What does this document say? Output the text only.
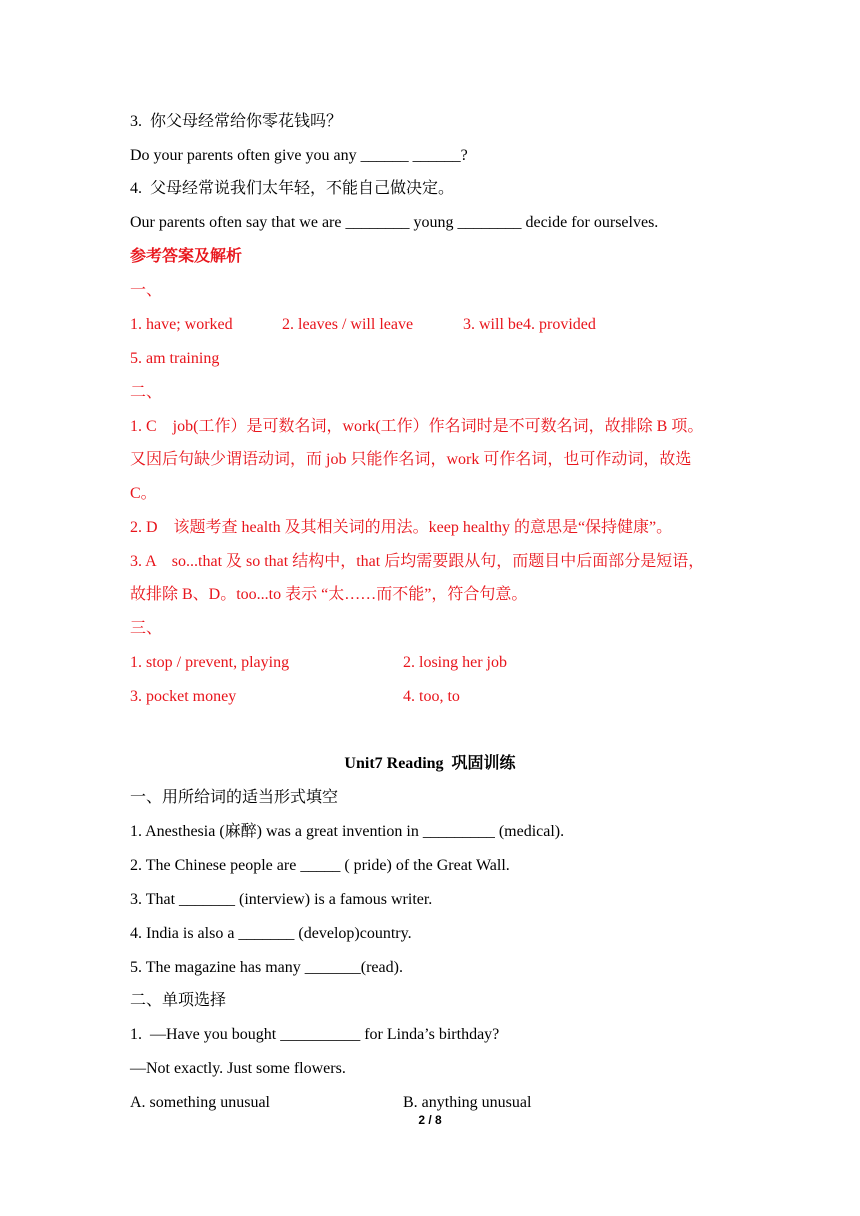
3.  你父母经常给你零花钱吗？
Do your parents often give you any ______ ______?
4.  父母经常说我们太年轻，不能自己做决定。
Our parents often say that we are ________ young ________ decide for ourselves.
参考答案及解析
一、
1. have; worked	2. leaves / will leave	3. will be4. provided
5. am training
二、
1. C    job(工作）是可数名词，work(工作）作名词时是不可数名词，故排除 B 项。
又因后句缺少谓语动词，而 job 只能作名词，work 可作名词，也可作动词，故选
C。
2. D    该题考查 health 及其相关词的用法。keep healthy 的意思是“保持健康”。
3. A    so...that 及 so that 结构中，that 后均需要跟从句，而题目中后面部分是短语，
故排除 B、D。too...to 表示 “太……而不能”，符合句意。
三、
1. stop / prevent, playing	2. losing her job
3. pocket money	4. too, to
Unit7 Reading  巩固训练
一、用所给词的适当形式填空
1. Anesthesia (麻醉) was a great invention in _________ (medical).
2. The Chinese people are _____ ( pride) of the Great Wall.
3. That _______ (interview) is a famous writer.
4. India is also a _______ (develop)country.
5. The magazine has many _______(read).
二、单项选择
1.  —Have you bought __________ for Linda’s birthday?
—Not exactly. Just some flowers.
A. something unusual	B. anything unusual
2 / 8
